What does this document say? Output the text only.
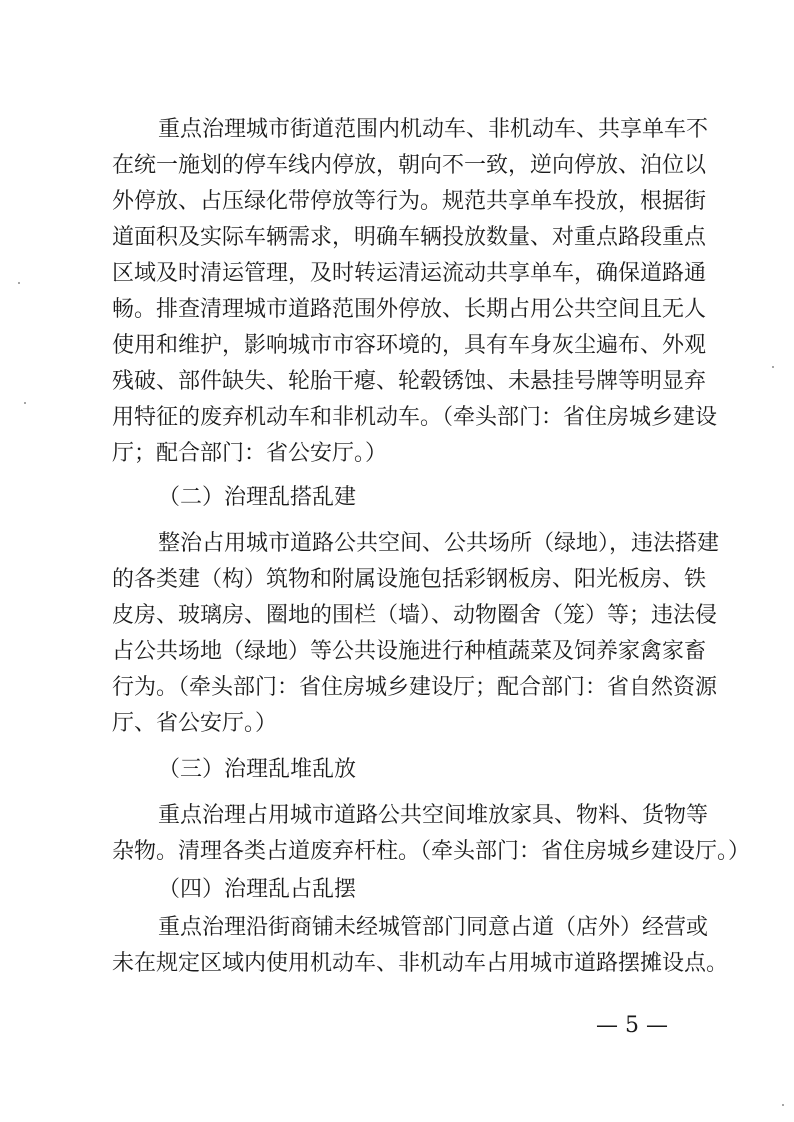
重点治理城市街道范围内机动车、非机动车、共享单车不
在统一施划的停车线内停放，朝向不一致，逆向停放、泊位以
外停放、占压绿化带停放等行为。规范共享单车投放，根据街
道面积及实际车辆需求，明确车辆投放数量、对重点路段重点
区域及时清运管理，及时转运清运流动共享单车，确保道路通
畅。排查清理城市道路范围外停放、长期占用公共空间且无人
使用和维护，影响城市市容环境的，具有车身灰尘遍布、外观
残破、部件缺失、轮胎干瘪、轮毂锈蚀、未悬挂号牌等明显弃
用特征的废弃机动车和非机动车。（牵头部门：省住房城乡建设
厅；配合部门：省公安厅。）
（二）治理乱搭乱建
整治占用城市道路公共空间、公共场所（绿地），违法搭建
的各类建（构）筑物和附属设施包括彩钢板房、阳光板房、铁
皮房、玻璃房、圈地的围栏（墙）、动物圈舍（笼）等；违法侵
占公共场地（绿地）等公共设施进行种植蔬菜及饲养家禽家畜
行为。（牵头部门：省住房城乡建设厅；配合部门：省自然资源
厅、省公安厅。）
（三）治理乱堆乱放
重点治理占用城市道路公共空间堆放家具、物料、货物等
杂物。清理各类占道废弃杆柱。（牵头部门：省住房城乡建设厅。）
（四）治理乱占乱摆
重点治理沿街商铺未经城管部门同意占道（店外）经营或
未在规定区域内使用机动车、非机动车占用城市道路摆摊设点。
— 5 —
